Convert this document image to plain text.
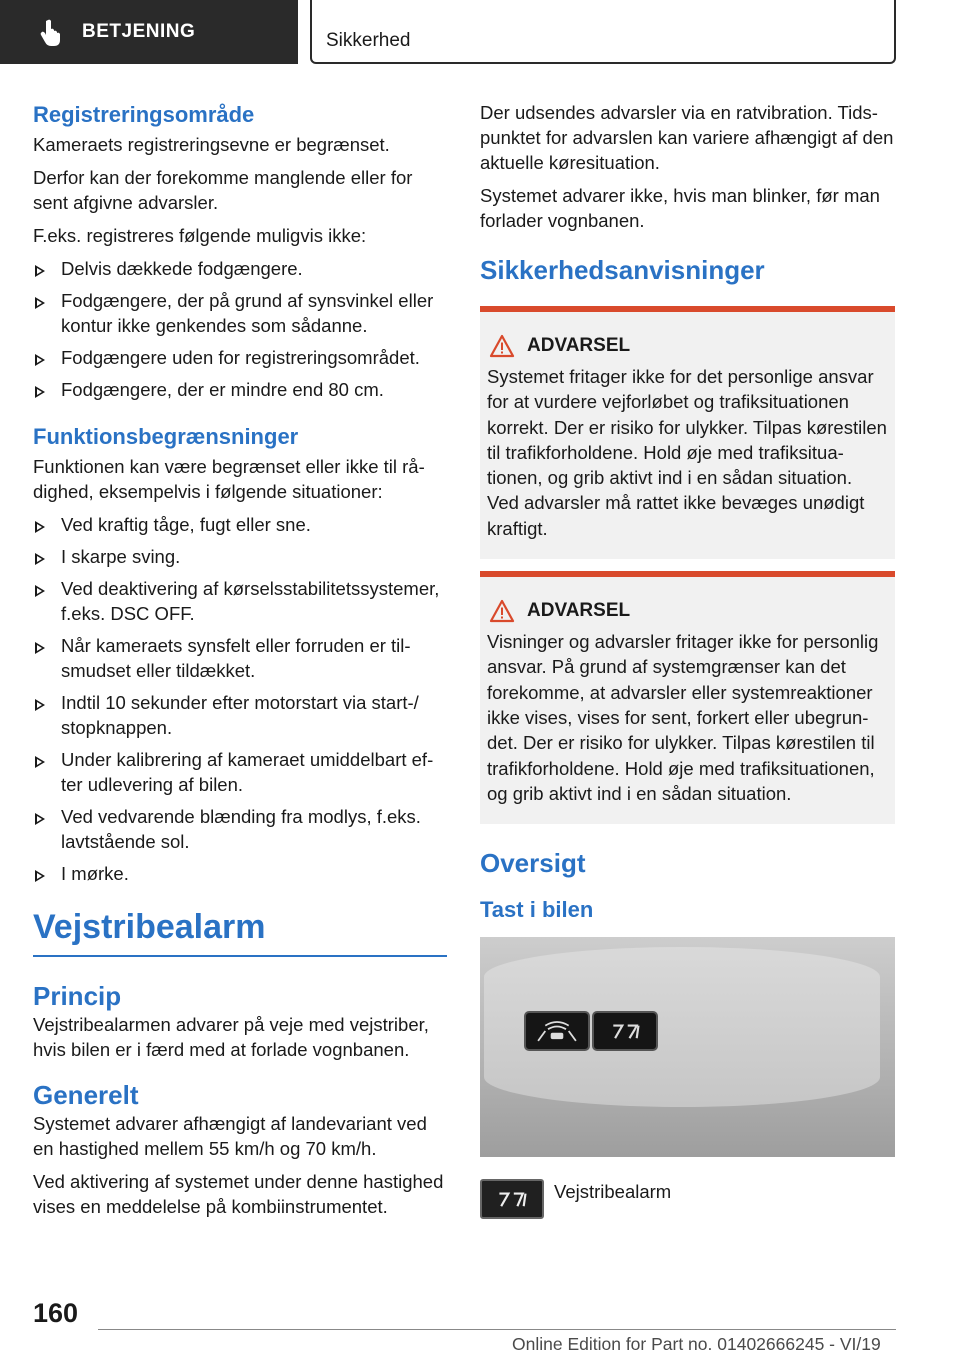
BETJENING	Sikkerhed
Registreringsområde

Kameraets registreringsevne er begrænset.

Derfor kan der forekomme manglende eller for sent afgivne advarsler.

F.eks. registreres følgende muligvis ikke:

Delvis dækkede fodgængere.
Fodgængere, der på grund af synsvinkel eller kontur ikke genkendes som sådanne.
Fodgængere uden for registreringsområdet.
Fodgængere, der er mindre end 80 cm.
Funktionsbegrænsninger

Funktionen kan være begrænset eller ikke til rådighed, eksempelvis i følgende situationer:

Ved kraftig tåge, fugt eller sne.
I skarpe sving.
Ved deaktivering af kørselsstabilitetssystemer, f.eks. DSC OFF.
Når kameraets synsfelt eller forruden er tilsmudset eller tildækket.
Indtil 10 sekunder efter motorstart via start-/ stopknappen.
Under kalibrering af kameraet umiddelbart efter udlevering af bilen.
Ved vedvarende blænding fra modlys, f.eks. lavtstående sol.
I mørke.
Vejstribealarm
Princip

Vejstribealarmen advarer på veje med vejstriber, hvis bilen er i færd med at forlade vognbanen.

Generelt

Systemet advarer afhængigt af landevariant ved en hastighed mellem 55 km/h og 70 km/h.

Ved aktivering af systemet under denne hastighed vises en meddelelse på kombiinstrumentet.

Der udsendes advarsler via en ratvibration. Tidspunktet for advarslen kan variere afhængigt af den aktuelle køresituation.

Systemet advarer ikke, hvis man blinker, før man forlader vognbanen.

Sikkerhedsanvisninger
ADVARSEL

Systemet fritager ikke for det personlige ansvar for at vurdere vejforløbet og trafiksituationen korrekt. Der er risiko for ulykker. Tilpas kørestilen til trafikforholdene. Hold øje med trafiksituationen, og grib aktivt ind i en sådan situation. Ved advarsler må rattet ikke bevæges unødigt kraftigt.

ADVARSEL

Visninger og advarsler fritager ikke for personlig ansvar. På grund af systemgrænser kan det forekomme, at advarsler eller systemreaktioner ikke vises, vises for sent, forkert eller ubegrundet. Der er risiko for ulykker. Tilpas kørestilen til trafikforholdene. Hold øje med trafiksituationen, og grib aktivt ind i en sådan situation.

Oversigt
Tast i bilen
Vejstribealarm
160
Online Edition for Part no. 01402666245 - VI/19
